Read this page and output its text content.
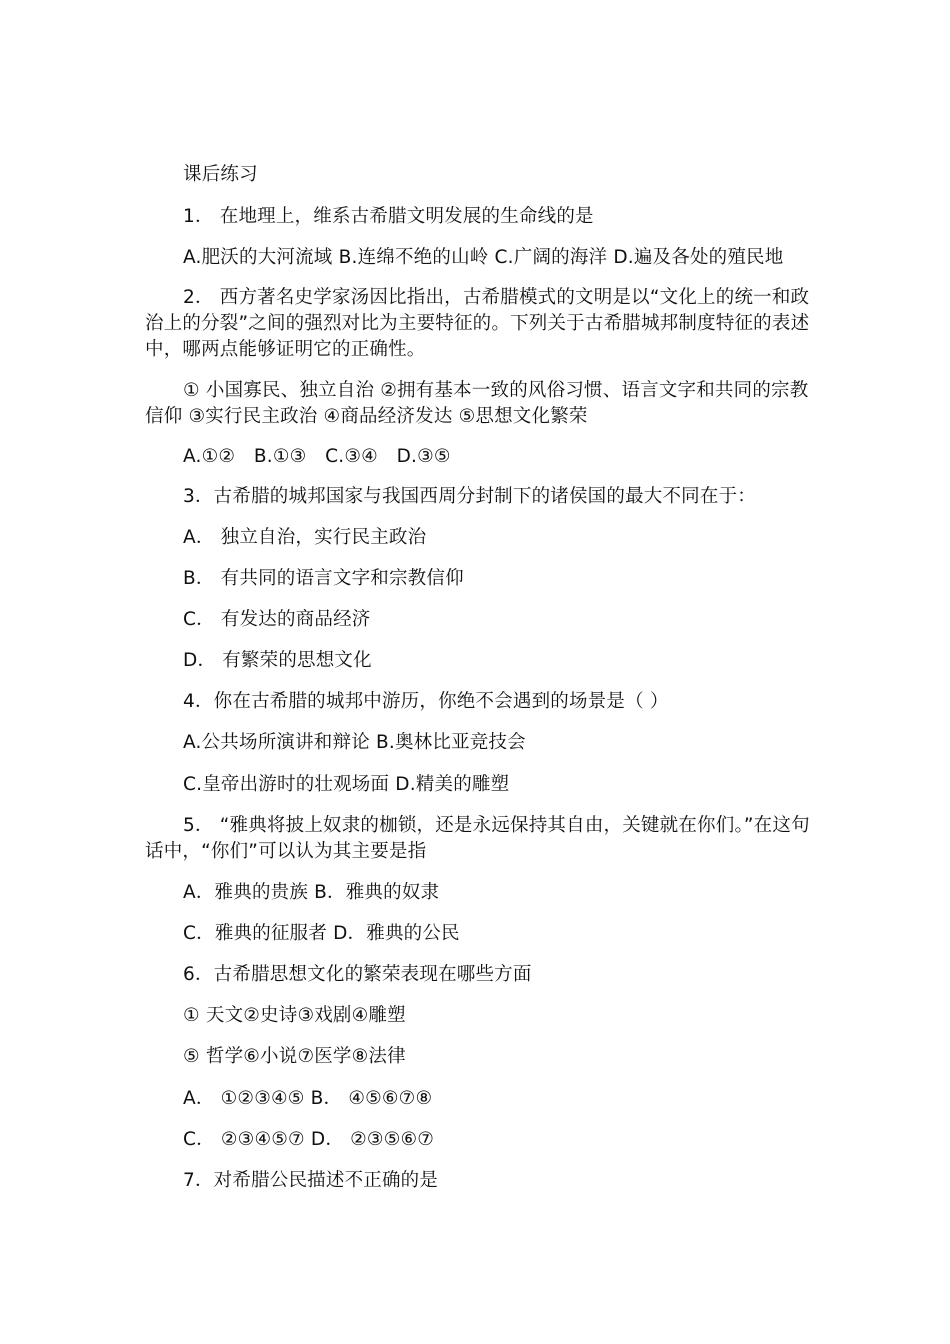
课后练习
1． 在地理上，维系古希腊文明发展的生命线的是
A.肥沃的大河流域 B.连绵不绝的山岭 C.广阔的海洋 D.遍及各处的殖民地
2． 西方著名史学家汤因比指出，古希腊模式的文明是以“文化上的统一和政治上的分裂”之间的强烈对比为主要特征的。下列关于古希腊城邦制度特征的表述中，哪两点能够证明它的正确性。
① 小国寡民、独立自治 ②拥有基本一致的风俗习惯、语言文字和共同的宗教信仰 ③实行民主政治 ④商品经济发达 ⑤思想文化繁荣
A.①②　B.①③　C.③④　D.③⑤
3．古希腊的城邦国家与我国西周分封制下的诸侯国的最大不同在于：
A． 独立自治，实行民主政治
B． 有共同的语言文字和宗教信仰
C． 有发达的商品经济
D． 有繁荣的思想文化
4．你在古希腊的城邦中游历，你绝不会遇到的场景是（ ）
A.公共场所演讲和辩论 B.奥林比亚竞技会
C.皇帝出游时的壮观场面 D.精美的雕塑
5． “雅典将披上奴隶的枷锁，还是永远保持其自由，关键就在你们。”在这句话中，“你们”可以认为其主要是指
A．雅典的贵族 B．雅典的奴隶
C．雅典的征服者 D．雅典的公民
6．古希腊思想文化的繁荣表现在哪些方面
① 天文②史诗③戏剧④雕塑
⑤ 哲学⑥小说⑦医学⑧法律
A． ①②③④⑤ B． ④⑤⑥⑦⑧
C． ②③④⑤⑦ D． ②③⑤⑥⑦
7．对希腊公民描述不正确的是
